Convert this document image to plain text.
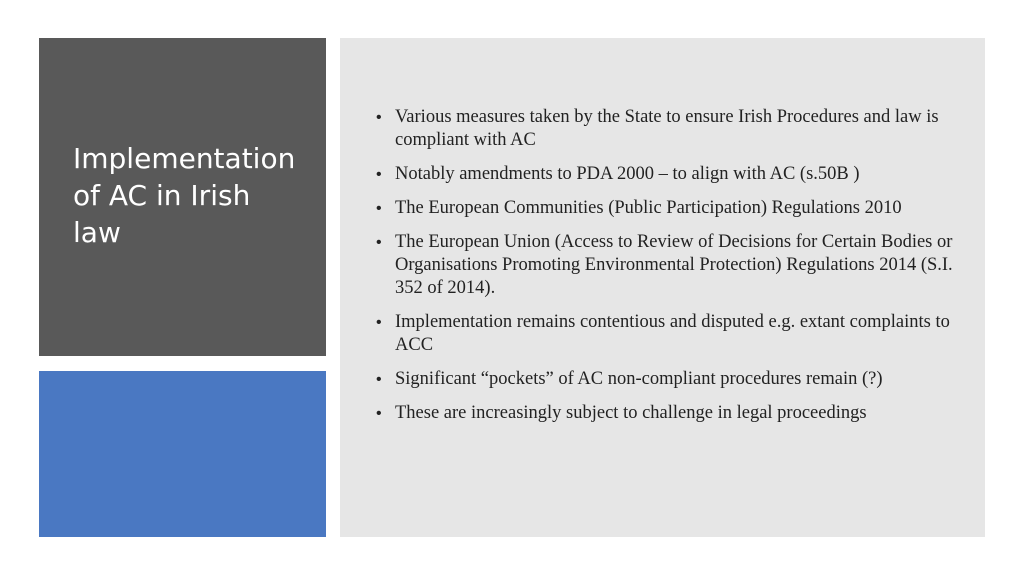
Implementation
of AC in Irish
law
• Various measures taken by the State to ensure Irish Procedures and law is compliant with AC
• Notably amendments to PDA 2000 – to align with AC (s.50B )
• The European Communities (Public Participation) Regulations 2010
• The European Union (Access to Review of Decisions for Certain Bodies or Organisations Promoting Environmental Protection) Regulations 2014 (S.I. 352 of 2014).
• Implementation remains contentious and disputed e.g. extant complaints to ACC
• Significant “pockets” of AC non-compliant procedures remain (?)
• These are increasingly subject to challenge in legal proceedings
